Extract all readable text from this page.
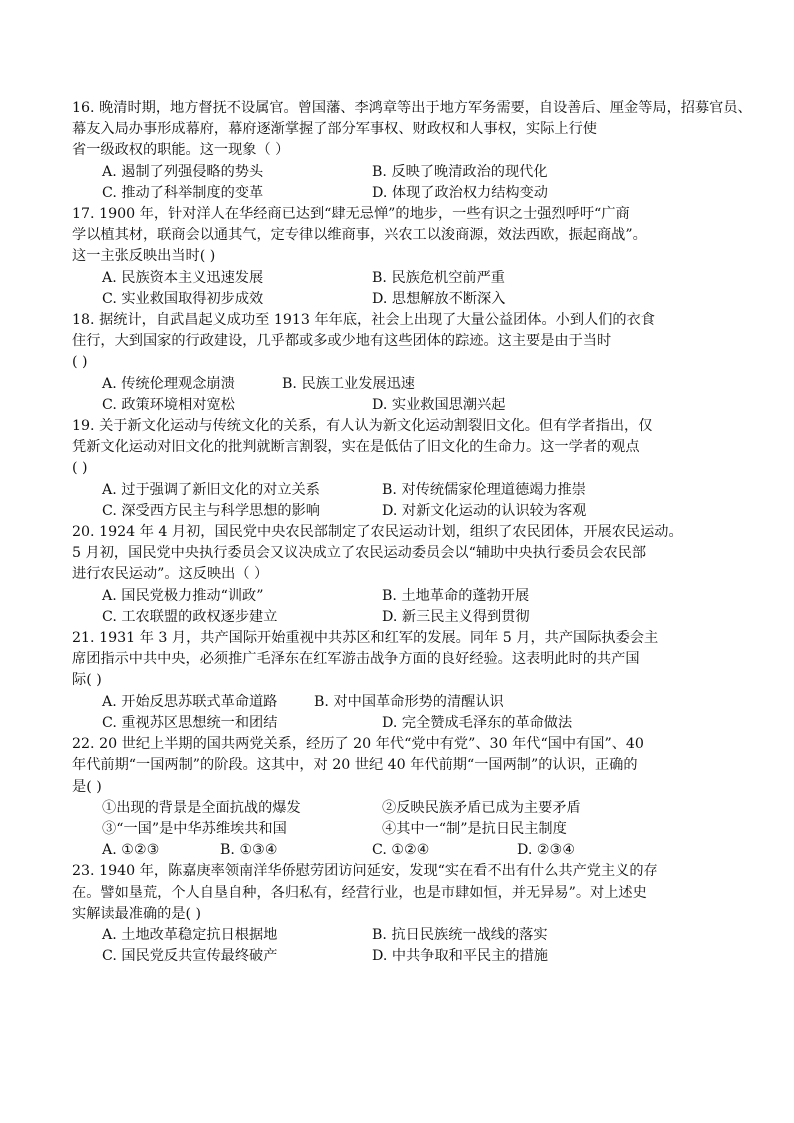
16. 晚清时期，地方督抚不设属官。曾国藩、李鸿章等出于地方军务需要，自设善后、厘金等局，招募官员、
幕友入局办事形成幕府，幕府逐渐掌握了部分军事权、财政权和人事权，实际上行使
省一级政权的职能。这一现象（ ）
A. 遏制了列强侵略的势头	B. 反映了晚清政治的现代化
C. 推动了科举制度的变革	D. 体现了政治权力结构变动
17. 1900 年，针对洋人在华经商已达到“肆无忌惮”的地步，一些有识之士强烈呼吁“广商
学以植其材，联商会以通其气，定专律以维商事，兴农工以浚商源，效法西欧，振起商战”。
这一主张反映出当时( )
A. 民族资本主义迅速发展	B. 民族危机空前严重
C. 实业救国取得初步成效	D. 思想解放不断深入
18. 据统计，自武昌起义成功至 1913 年年底，社会上出现了大量公益团体。小到人们的衣食
住行，大到国家的行政建设，几乎都或多或少地有这些团体的踪迹。这主要是由于当时
( )
A. 传统伦理观念崩溃	B. 民族工业发展迅速
C. 政策环境相对宽松	D. 实业救国思潮兴起
19. 关于新文化运动与传统文化的关系，有人认为新文化运动割裂旧文化。但有学者指出，仅
凭新文化运动对旧文化的批判就断言割裂，实在是低估了旧文化的生命力。这一学者的观点
( )
A. 过于强调了新旧文化的对立关系	B. 对传统儒家伦理道德竭力推崇
C. 深受西方民主与科学思想的影响	D. 对新文化运动的认识较为客观
20. 1924 年 4 月初，国民党中央农民部制定了农民运动计划，组织了农民团体，开展农民运动。
5 月初，国民党中央执行委员会又议决成立了农民运动委员会以“辅助中央执行委员会农民部
进行农民运动”。这反映出（ ）
A. 国民党极力推动“训政”	B. 土地革命的蓬勃开展
C. 工农联盟的政权逐步建立	D. 新三民主义得到贯彻
21. 1931 年 3 月，共产国际开始重视中共苏区和红军的发展。同年 5 月，共产国际执委会主
席团指示中共中央，必须推广毛泽东在红军游击战争方面的良好经验。这表明此时的共产国
际( )
A. 开始反思苏联式革命道路	B. 对中国革命形势的清醒认识
C. 重视苏区思想统一和团结	D. 完全赞成毛泽东的革命做法
22. 20 世纪上半期的国共两党关系，经历了 20 年代“党中有党”、30 年代“国中有国”、40
年代前期“一国两制”的阶段。这其中，对 20 世纪 40 年代前期“一国两制”的认识，正确的
是( )
①出现的背景是全面抗战的爆发	②反映民族矛盾已成为主要矛盾
③“一国”是中华苏维埃共和国	④其中一“制”是抗日民主制度
A. ①②③	B. ①③④	C. ①②④	D. ②③④
23. 1940 年，陈嘉庚率领南洋华侨慰劳团访问延安，发现“实在看不出有什么共产党主义的存
在。譬如垦荒，个人自垦自种，各归私有，经营行业，也是市肆如恒，并无异易”。对上述史
实解读最准确的是( )
A. 土地改革稳定抗日根据地	B. 抗日民族统一战线的落实
C. 国民党反共宣传最终破产	D. 中共争取和平民主的措施
